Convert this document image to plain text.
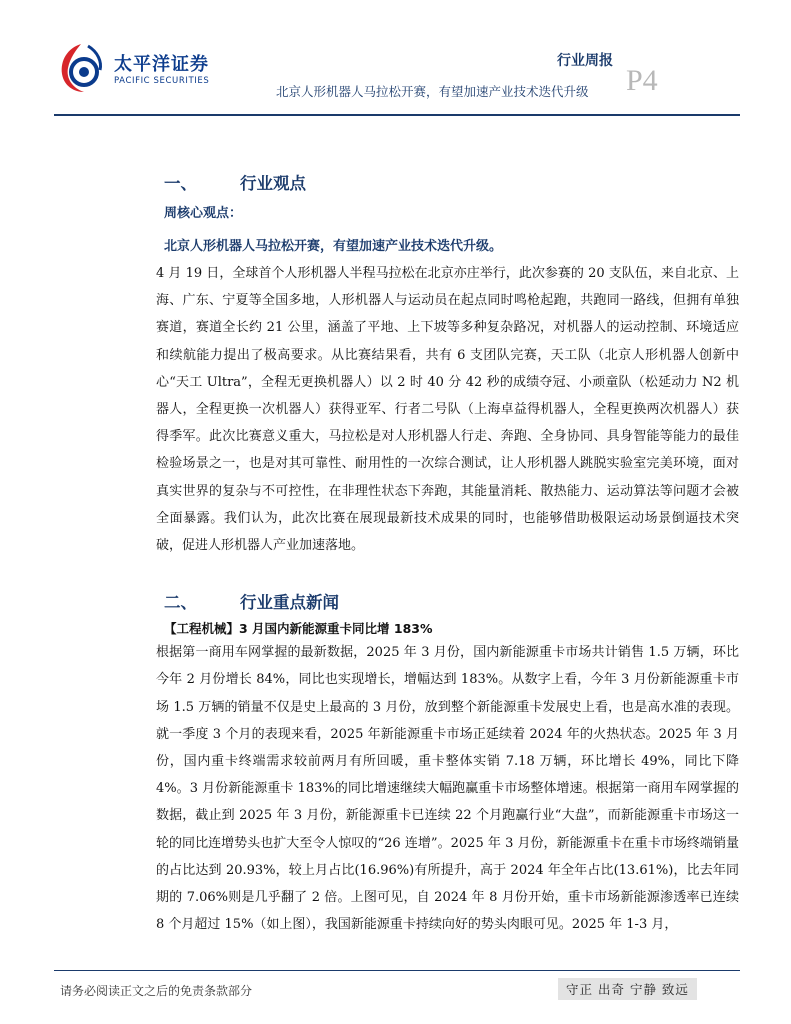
太平洋证券
PACIFIC SECURITIES
行业周报
北京人形机器人马拉松开赛，有望加速产业技术迭代升级 P4
一、	行业观点
周核心观点：
北京人形机器人马拉松开赛，有望加速产业技术迭代升级。

4 月 19 日，全球首个人形机器人半程马拉松在北京亦庄举行，此次参赛的 20 支队伍，来自北京、上海、广东、宁夏等全国多地，人形机器人与运动员在起点同时鸣枪起跑，共跑同一路线，但拥有单独赛道，赛道全长约 21 公里，涵盖了平地、上下坡等多种复杂路况，对机器人的运动控制、环境适应和续航能力提出了极高要求。从比赛结果看，共有 6 支团队完赛，天工队（北京人形机器人创新中心“天工 Ultra”，全程无更换机器人）以 2 时 40 分 42 秒的成绩夺冠、小顽童队（松延动力 N2 机器人，全程更换一次机器人）获得亚军、行者二号队（上海卓益得机器人，全程更换两次机器人）获得季军。此次比赛意义重大，马拉松是对人形机器人行走、奔跑、全身协同、具身智能等能力的最佳检验场景之一，也是对其可靠性、耐用性的一次综合测试，让人形机器人跳脱实验室完美环境，面对真实世界的复杂与不可控性，在非理性状态下奔跑，其能量消耗、散热能力、运动算法等问题才会被全面暴露。我们认为，此次比赛在展现最新技术成果的同时，也能够借助极限运动场景倒逼技术突破，促进人形机器人产业加速落地。

二、	行业重点新闻
【工程机械】3 月国内新能源重卡同比增 183%

根据第一商用车网掌握的最新数据，2025 年 3 月份，国内新能源重卡市场共计销售 1.5 万辆，环比今年 2 月份增长 84%，同比也实现增长，增幅达到 183%。从数字上看，今年 3 月份新能源重卡市场 1.5 万辆的销量不仅是史上最高的 3 月份，放到整个新能源重卡发展史上看，也是高水准的表现。就一季度 3 个月的表现来看，2025 年新能源重卡市场正延续着 2024 年的火热状态。2025 年 3 月份，国内重卡终端需求较前两月有所回暖，重卡整体实销 7.18 万辆，环比增长 49%，同比下降 4%。3 月份新能源重卡 183%的同比增速继续大幅跑赢重卡市场整体增速。根据第一商用车网掌握的数据，截止到 2025 年 3 月份，新能源重卡已连续 22 个月跑赢行业“大盘”，而新能源重卡市场这一轮的同比连增势头也扩大至令人惊叹的“26 连增”。2025 年 3 月份，新能源重卡在重卡市场终端销量的占比达到 20.93%，较上月占比(16.96%)有所提升，高于 2024 年全年占比(13.61%)，比去年同期的 7.06%则是几乎翻了 2 倍。上图可见，自 2024 年 8 月份开始，重卡市场新能源渗透率已连续 8 个月超过 15%（如上图），我国新能源重卡持续向好的势头肉眼可见。2025 年 1-3 月，

请务必阅读正文之后的免责条款部分	守正 出奇 宁静 致远
